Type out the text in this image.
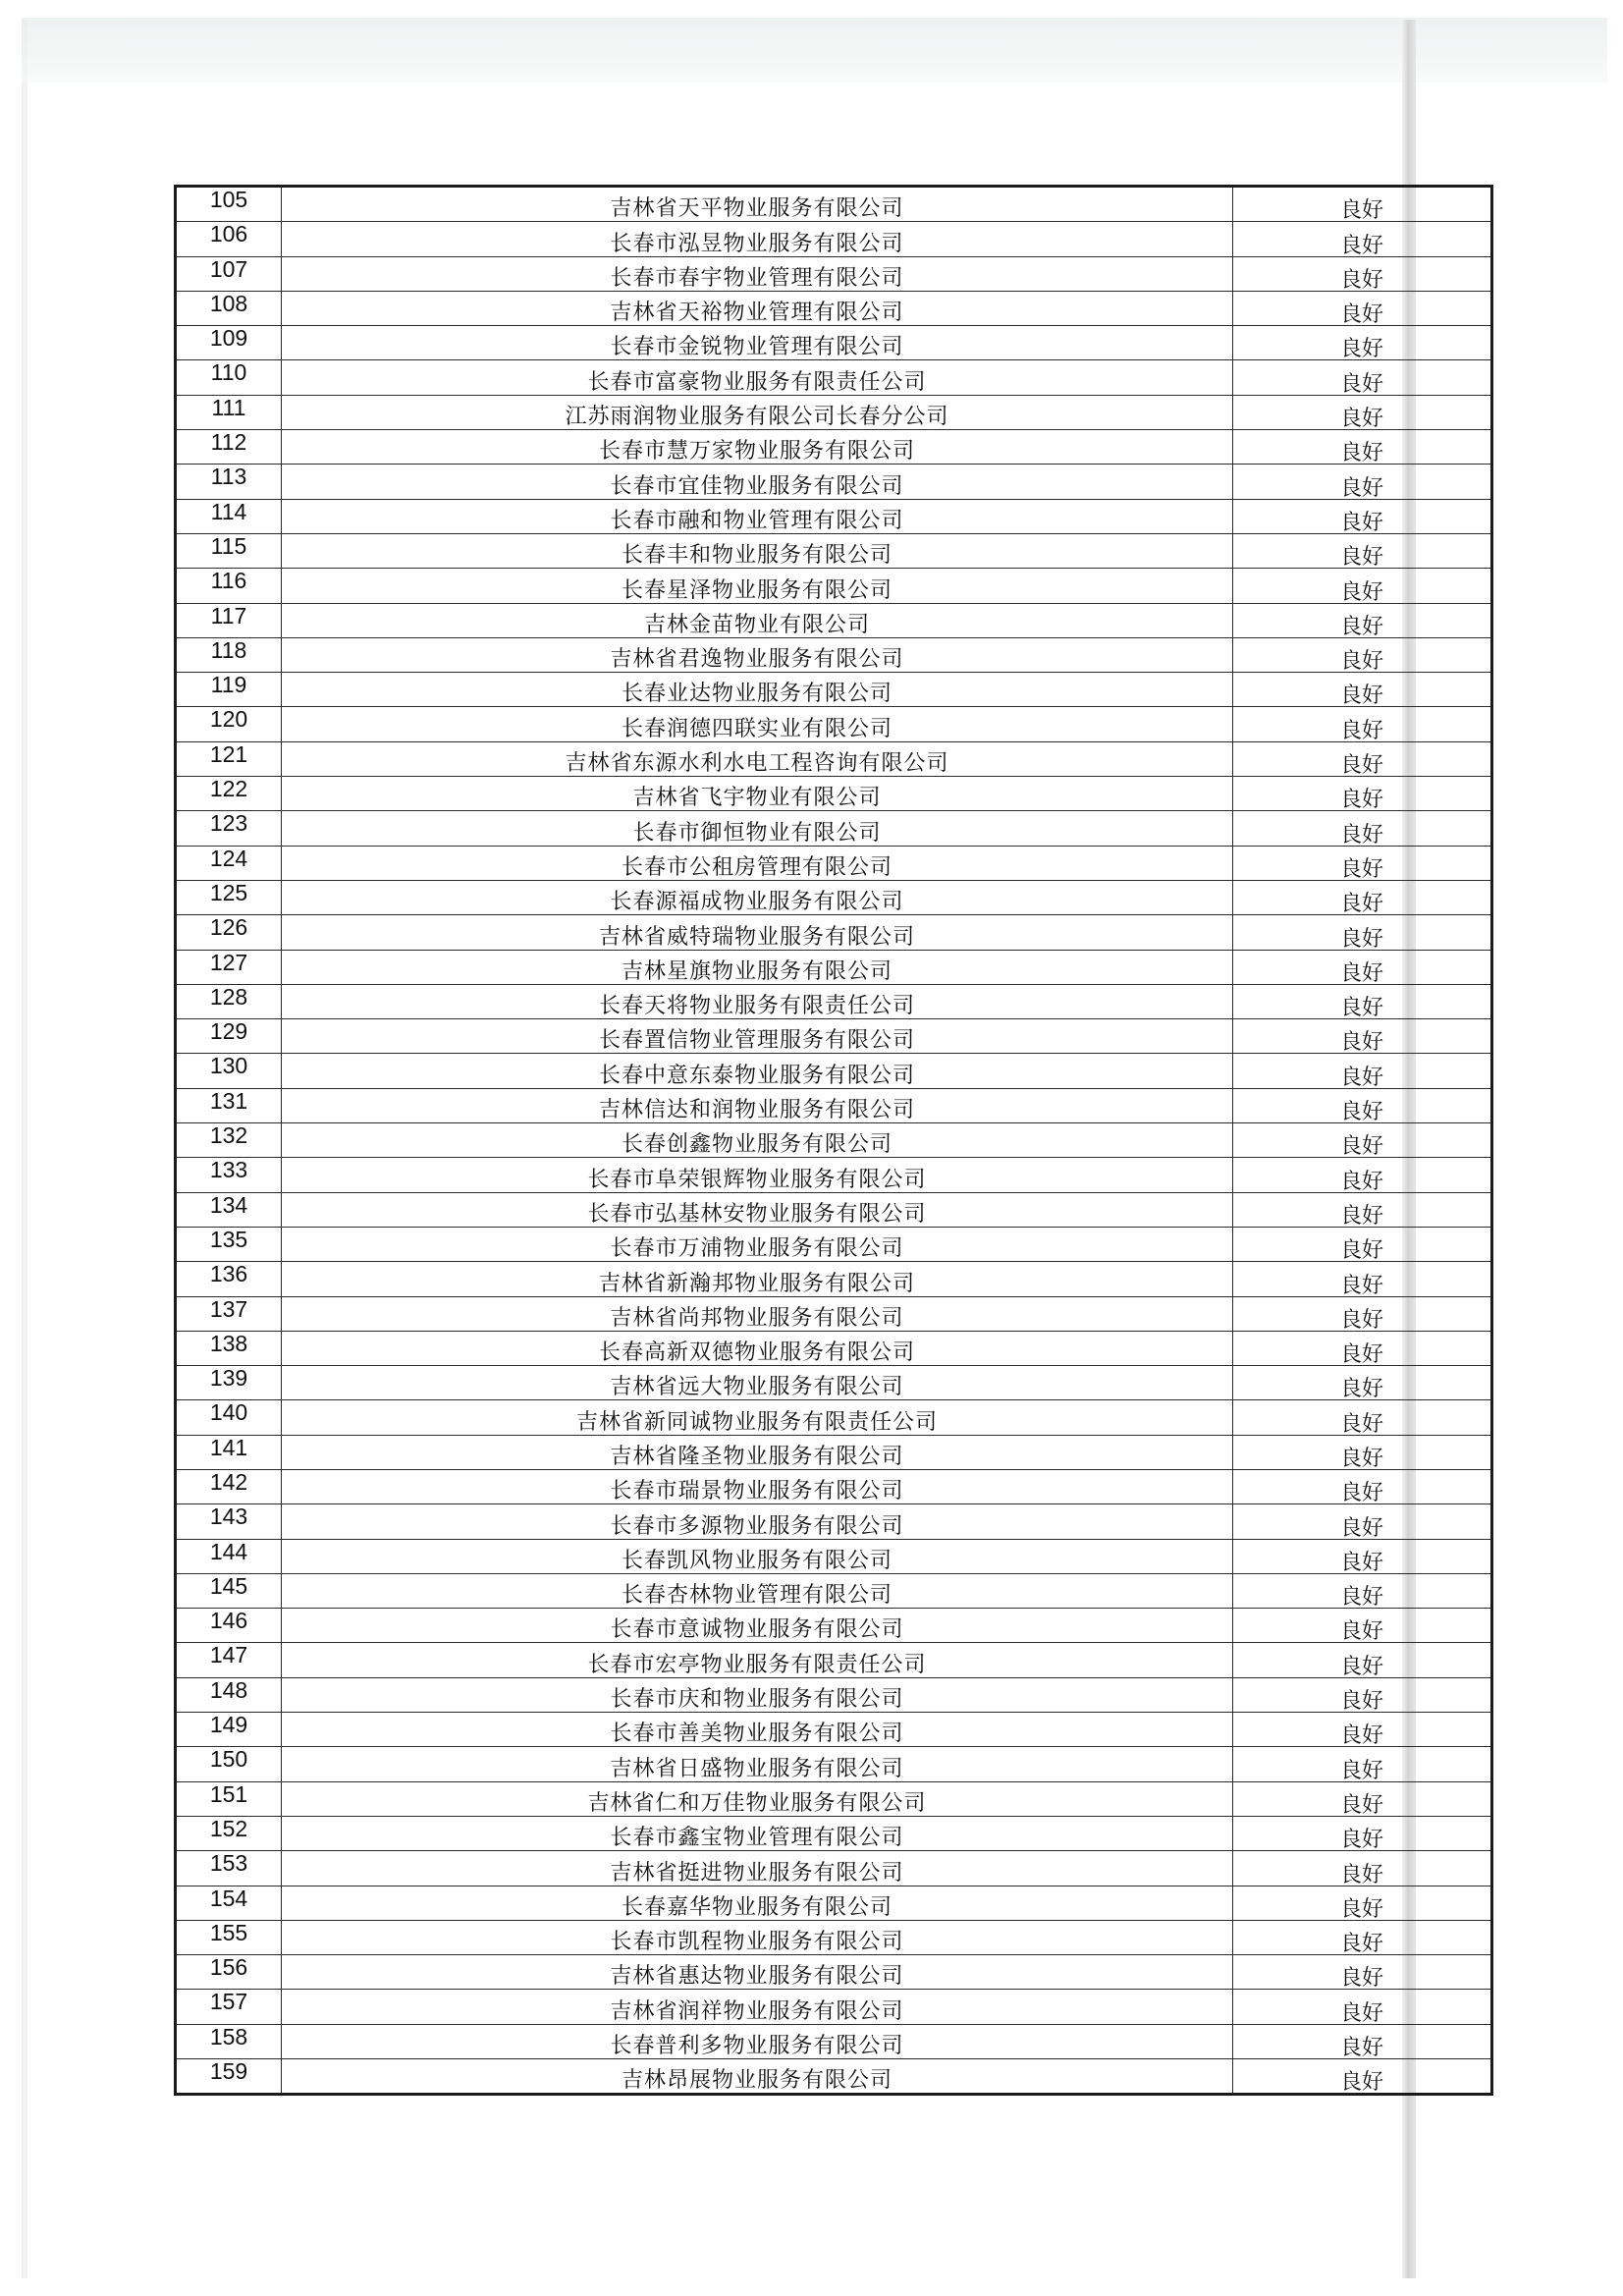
105	吉林省天平物业服务有限公司	良好
106	长春市泓昱物业服务有限公司	良好
107	长春市春宇物业管理有限公司	良好
108	吉林省天裕物业管理有限公司	良好
109	长春市金锐物业管理有限公司	良好
110	长春市富豪物业服务有限责任公司	良好
111	江苏雨润物业服务有限公司长春分公司	良好
112	长春市慧万家物业服务有限公司	良好
113	长春市宜佳物业服务有限公司	良好
114	长春市融和物业管理有限公司	良好
115	长春丰和物业服务有限公司	良好
116	长春星泽物业服务有限公司	良好
117	吉林金苗物业有限公司	良好
118	吉林省君逸物业服务有限公司	良好
119	长春业达物业服务有限公司	良好
120	长春润德四联实业有限公司	良好
121	吉林省东源水利水电工程咨询有限公司	良好
122	吉林省飞宇物业有限公司	良好
123	长春市御恒物业有限公司	良好
124	长春市公租房管理有限公司	良好
125	长春源福成物业服务有限公司	良好
126	吉林省威特瑞物业服务有限公司	良好
127	吉林星旗物业服务有限公司	良好
128	长春天将物业服务有限责任公司	良好
129	长春置信物业管理服务有限公司	良好
130	长春中意东泰物业服务有限公司	良好
131	吉林信达和润物业服务有限公司	良好
132	长春创鑫物业服务有限公司	良好
133	长春市阜荣银辉物业服务有限公司	良好
134	长春市弘基林安物业服务有限公司	良好
135	长春市万浦物业服务有限公司	良好
136	吉林省新瀚邦物业服务有限公司	良好
137	吉林省尚邦物业服务有限公司	良好
138	长春高新双德物业服务有限公司	良好
139	吉林省远大物业服务有限公司	良好
140	吉林省新同诚物业服务有限责任公司	良好
141	吉林省隆圣物业服务有限公司	良好
142	长春市瑞景物业服务有限公司	良好
143	长春市多源物业服务有限公司	良好
144	长春凯风物业服务有限公司	良好
145	长春杏林物业管理有限公司	良好
146	长春市意诚物业服务有限公司	良好
147	长春市宏亭物业服务有限责任公司	良好
148	长春市庆和物业服务有限公司	良好
149	长春市善美物业服务有限公司	良好
150	吉林省日盛物业服务有限公司	良好
151	吉林省仁和万佳物业服务有限公司	良好
152	长春市鑫宝物业管理有限公司	良好
153	吉林省挺进物业服务有限公司	良好
154	长春嘉华物业服务有限公司	良好
155	长春市凯程物业服务有限公司	良好
156	吉林省惠达物业服务有限公司	良好
157	吉林省润祥物业服务有限公司	良好
158	长春普利多物业服务有限公司	良好
159	吉林昂展物业服务有限公司	良好
